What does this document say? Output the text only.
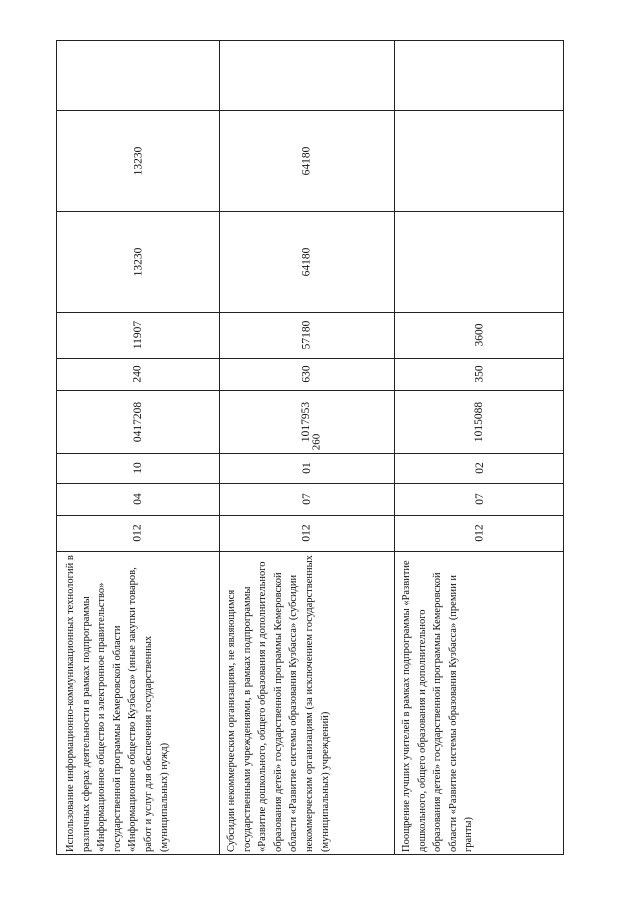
260
Использование информационно-коммуникационных технологий в различных сферах деятельности в рамках подпрограммы «Информационное общество и электронное правительство» государственной программы Кемеровской области «Информационное общество Кузбасса» (иные закупки товаров, работ и услуг для обеспечения государственных (муниципальных) нужд)
012
04
10
0417208
240
11907
13230
13230
Субсидии некоммерческим организациям, не являющимся государственными учреждениями, в рамках подпрограммы «Развитие дошкольного, общего образования и дополнительного образования детей» государственной программы Кемеровской области «Развитие системы образования Кузбасса» (субсидии некоммерческим организациям (за исключением государственных (муниципальных) учреждений)
012
07
01
1017953
630
57180
64180
64180
Поощрение лучших учителей в рамках подпрограммы «Развитие дошкольного, общего образования и дополнительного образования детей» государственной программы Кемеровской области «Развитие системы образования Кузбасса» (премии и гранты)
012
07
02
1015088
350
3600
